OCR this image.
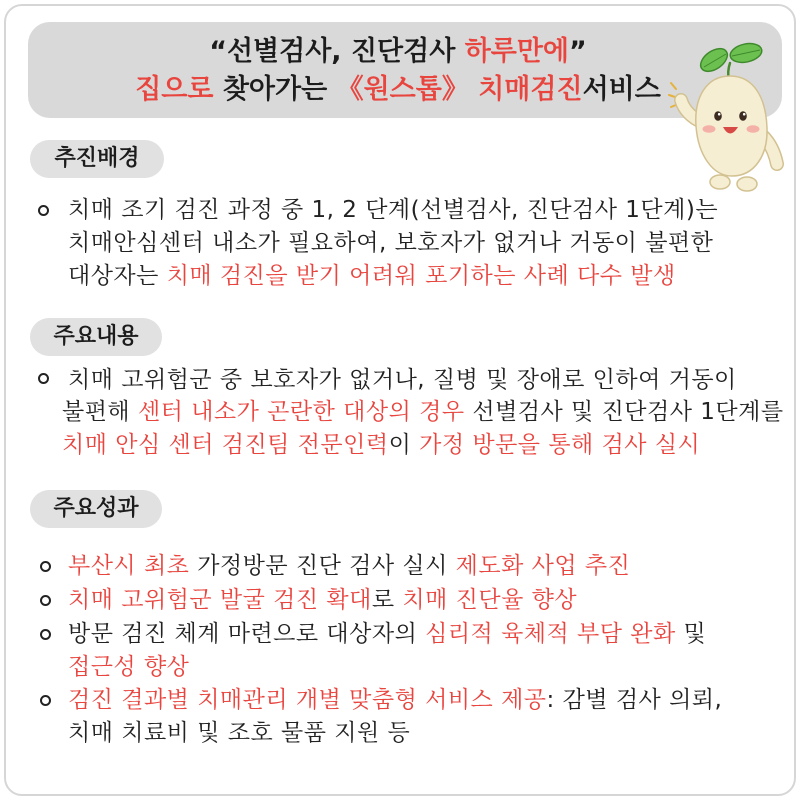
“선별검사, 진단검사 하루만에”
집으로 찾아가는 《원스톱》 치매검진서비스
추진배경
치매 조기 검진 과정 중 1, 2 단계(선별검사, 진단검사 1단계)는
치매안심센터 내소가 필요하여, 보호자가 없거나 거동이 불편한
대상자는 치매 검진을 받기 어려워 포기하는 사례 다수 발생
주요내용
치매 고위험군 중 보호자가 없거나, 질병 및 장애로 인하여 거동이
불편해 센터 내소가 곤란한 대상의 경우 선별검사 및 진단검사 1단계를
치매 안심 센터 검진팀 전문인력이 가정 방문을 통해 검사 실시
주요성과
부산시 최초 가정방문 진단 검사 실시 제도화 사업 추진
치매 고위험군 발굴 검진 확대로 치매 진단율 향상
방문 검진 체계 마련으로 대상자의 심리적 육체적 부담 완화 및
접근성 향상
검진 결과별 치매관리 개별 맞춤형 서비스 제공: 감별 검사 의뢰,
치매 치료비 및 조호 물품 지원 등
